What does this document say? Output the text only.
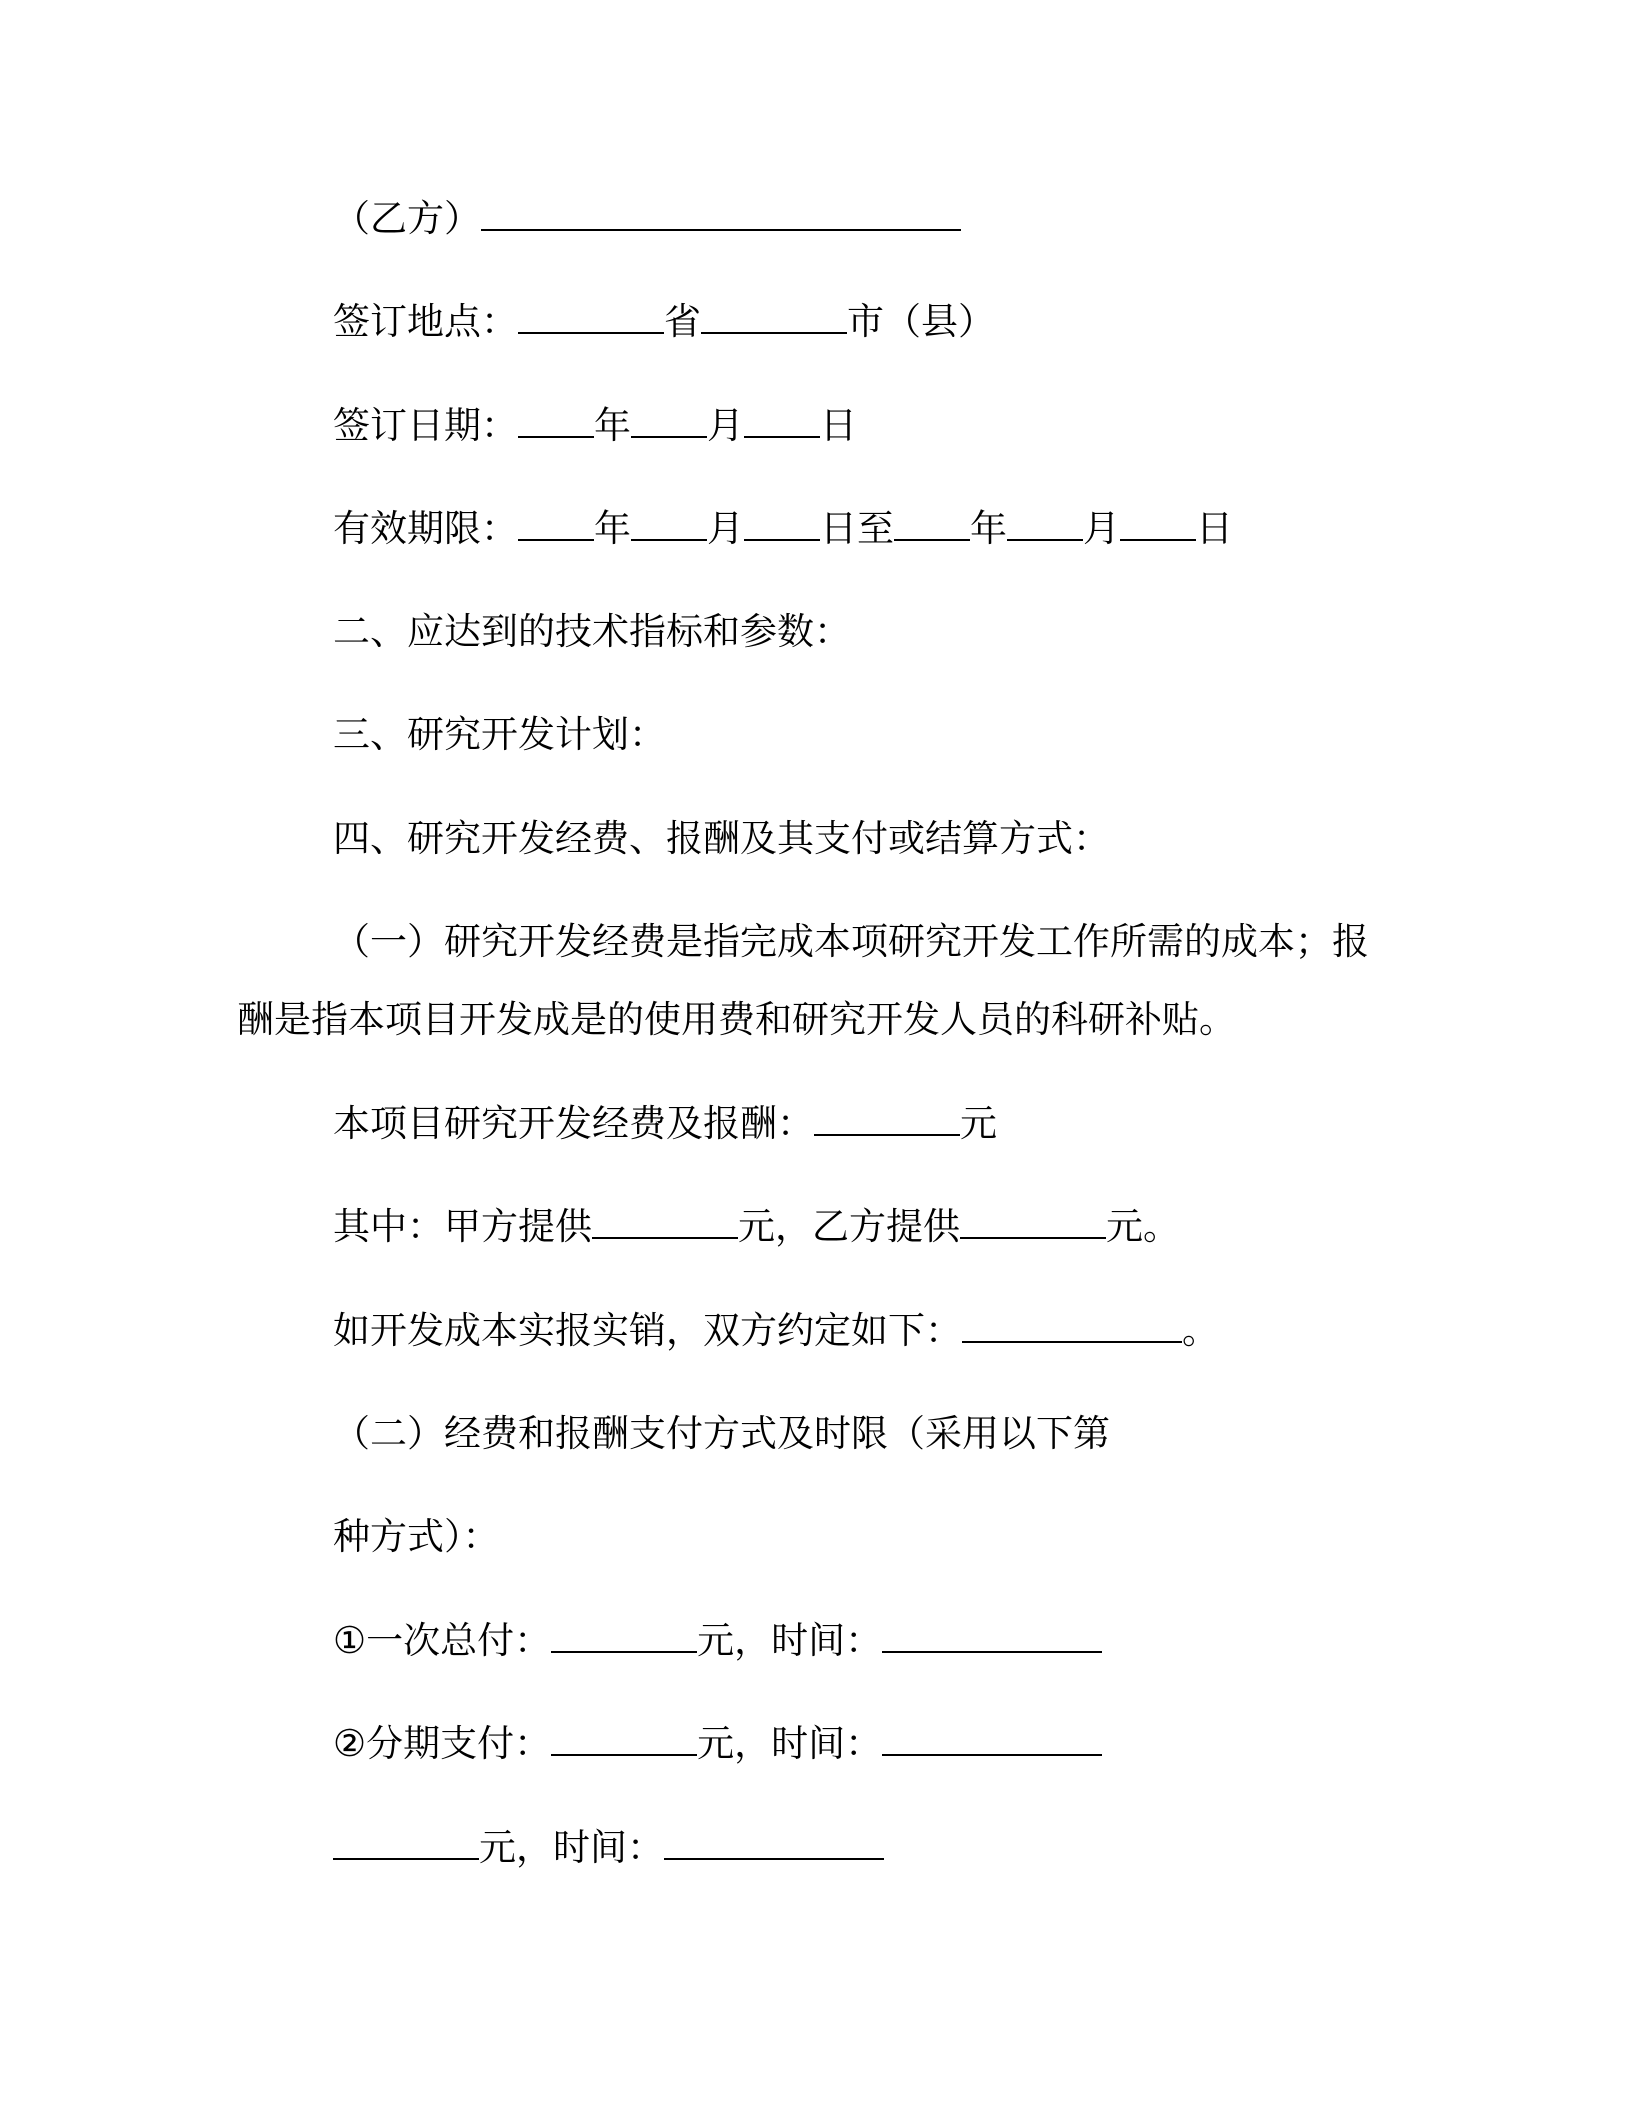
（乙方）
签订地点：	省	市（县）
签订日期： 年 月 日
有效期限： 年 月 日至 年 月 日
二、应达到的技术指标和参数：
三、研究开发计划：
四、研究开发经费、报酬及其支付或结算方式：
（一）研究开发经费是指完成本项研究开发工作所需的成本；报
酬是指本项目开发成是的使用费和研究开发人员的科研补贴。
本项目研究开发经费及报酬：	元
其中：甲方提供	元，乙方提供	元。
如开发成本实报实销，双方约定如下：	。
（二）经费和报酬支付方式及时限（采用以下第
种方式）：
①一次总付：	元，时间：
②分期支付：	元，时间：
元，时间：
